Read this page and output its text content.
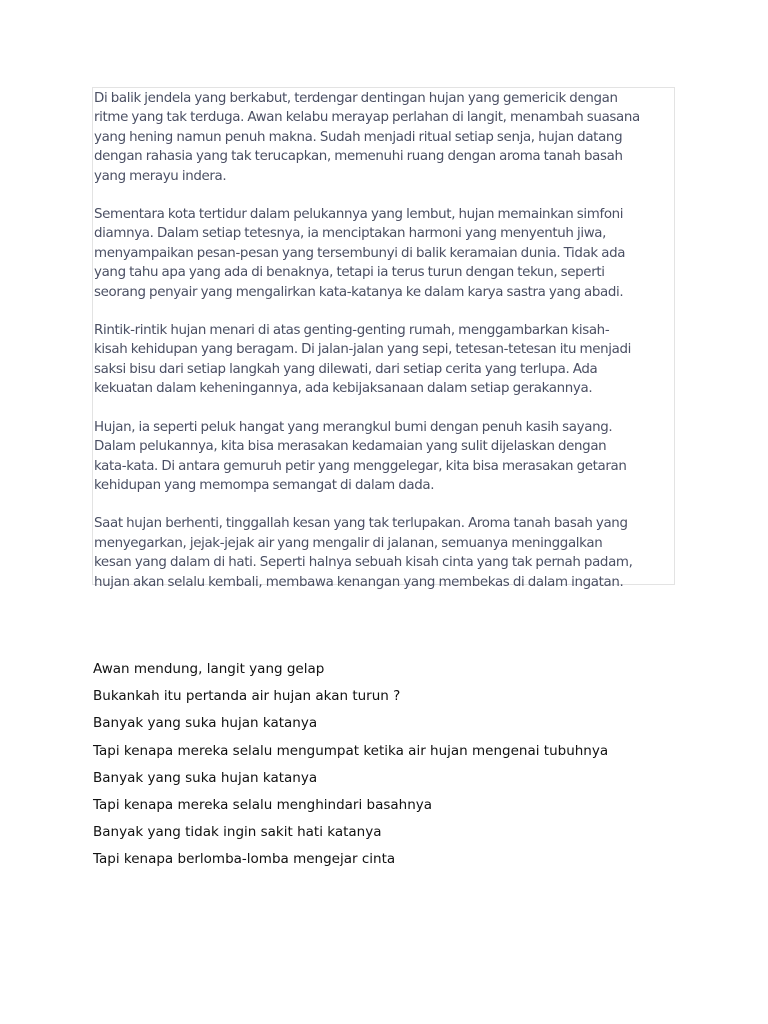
Di balik jendela yang berkabut, terdengar dentingan hujan yang gemericik dengan
ritme yang tak terduga. Awan kelabu merayap perlahan di langit, menambah suasana
yang hening namun penuh makna. Sudah menjadi ritual setiap senja, hujan datang
dengan rahasia yang tak terucapkan, memenuhi ruang dengan aroma tanah basah
yang merayu indera.

Sementara kota tertidur dalam pelukannya yang lembut, hujan memainkan simfoni
diamnya. Dalam setiap tetesnya, ia menciptakan harmoni yang menyentuh jiwa,
menyampaikan pesan-pesan yang tersembunyi di balik keramaian dunia. Tidak ada
yang tahu apa yang ada di benaknya, tetapi ia terus turun dengan tekun, seperti
seorang penyair yang mengalirkan kata-katanya ke dalam karya sastra yang abadi.

Rintik-rintik hujan menari di atas genting-genting rumah, menggambarkan kisah-
kisah kehidupan yang beragam. Di jalan-jalan yang sepi, tetesan-tetesan itu menjadi
saksi bisu dari setiap langkah yang dilewati, dari setiap cerita yang terlupa. Ada
kekuatan dalam keheningannya, ada kebijaksanaan dalam setiap gerakannya.

Hujan, ia seperti peluk hangat yang merangkul bumi dengan penuh kasih sayang.
Dalam pelukannya, kita bisa merasakan kedamaian yang sulit dijelaskan dengan
kata-kata. Di antara gemuruh petir yang menggelegar, kita bisa merasakan getaran
kehidupan yang memompa semangat di dalam dada.

Saat hujan berhenti, tinggallah kesan yang tak terlupakan. Aroma tanah basah yang
menyegarkan, jejak-jejak air yang mengalir di jalanan, semuanya meninggalkan
kesan yang dalam di hati. Seperti halnya sebuah kisah cinta yang tak pernah padam,
hujan akan selalu kembali, membawa kenangan yang membekas di dalam ingatan.

Awan mendung, langit yang gelap
Bukankah itu pertanda air hujan akan turun ?
Banyak yang suka hujan katanya
Tapi kenapa mereka selalu mengumpat ketika air hujan mengenai tubuhnya
Banyak yang suka hujan katanya
Tapi kenapa mereka selalu menghindari basahnya
Banyak yang tidak ingin sakit hati katanya
Tapi kenapa berlomba-lomba mengejar cinta
